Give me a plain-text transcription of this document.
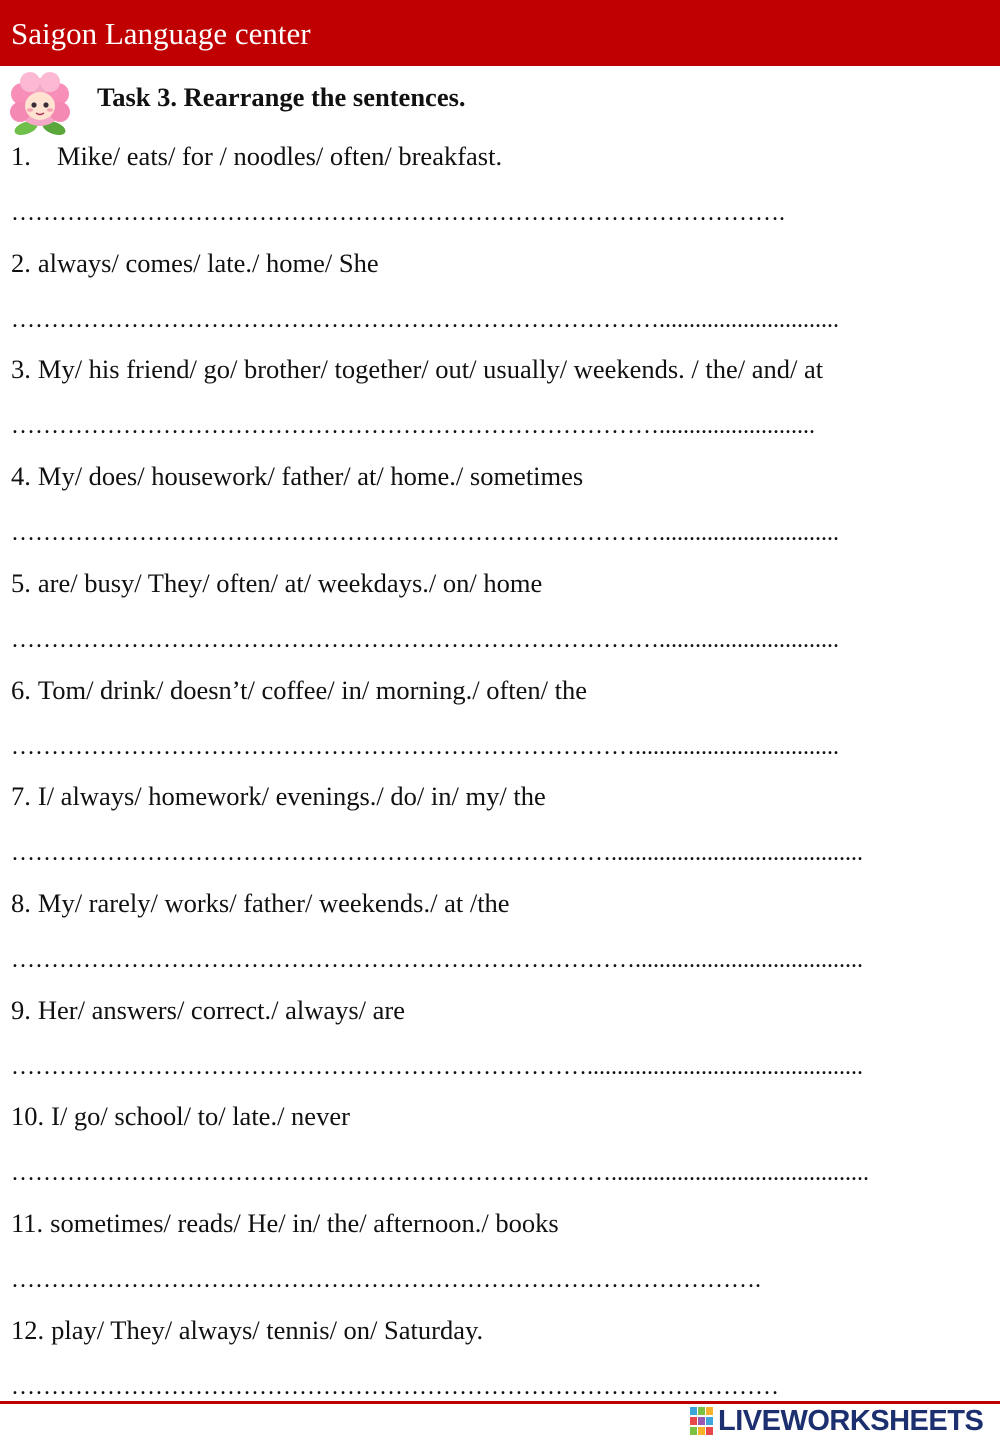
Saigon Language center
Task 3. Rearrange the sentences.
1. Mike/ eats/ for / noodles/ often/ breakfast.
…………………………………………………………………………………….
2. always/ comes/ late./ home/ She
………………………………………………………………………..............................
3. My/ his friend/ go/ brother/ together/ out/ usually/ weekends. / the/ and/ at
………………………………………………………………………..........................
4. My/ does/ housework/ father/ at/ home./ sometimes
………………………………………………………………………..............................
5. are/ busy/ They/ often/ at/ weekdays./ on/ home
………………………………………………………………………..............................
6. Tom/ drink/ doesn’t/ coffee/ in/ morning./ often/ the
……………………………………………………………………..................................
7. I/ always/ homework/ evenings./ do/ in/ my/ the
…………………………………………………………………..........................................
8. My/ rarely/ works/ father/ weekends./ at /the
……………………………………………………………………......................................
9. Her/ answers/ correct./ always/ are
………………………………………………………………..............................................
10. I/ go/ school/ to/ late./ never
…………………………………………………………………...........................................
11. sometimes/ reads/ He/ in/ the/ afternoon./ books
………………………………………………………………………………….
12. play/ They/ always/ tennis/ on/ Saturday.
……………………………………………………………………………………
LIVEWORKSHEETS
